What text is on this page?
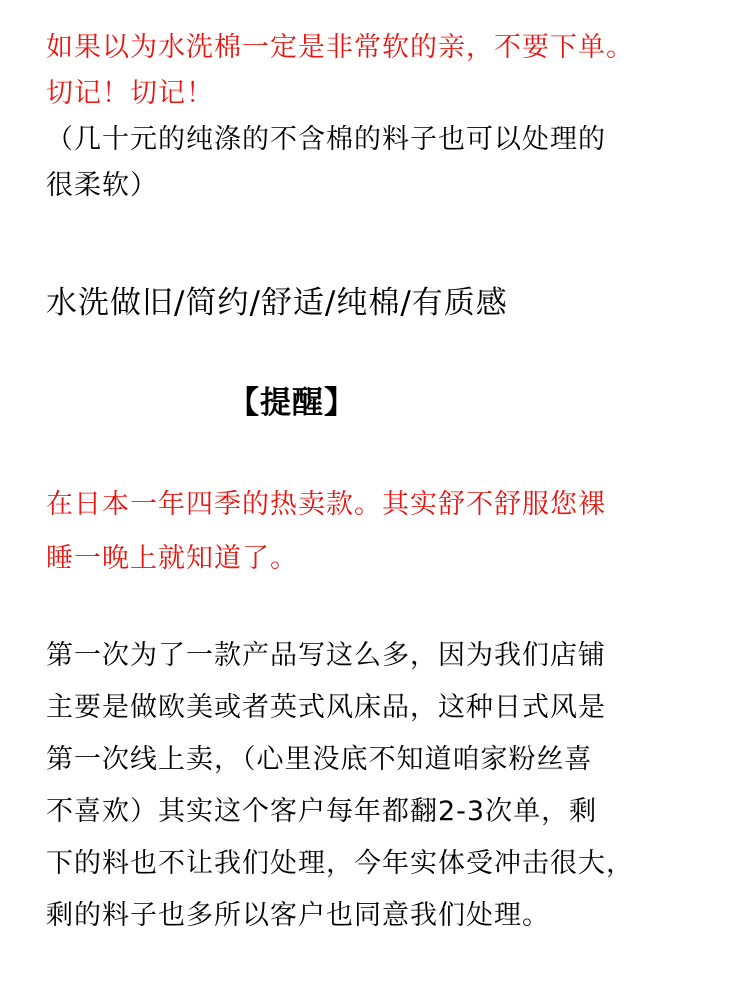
如果以为水洗棉一定是非常软的亲，不要下单。
切记！切记！
（几十元的纯涤的不含棉的料子也可以处理的
很柔软）
水洗做旧/简约/舒适/纯棉/有质感
【提醒】
在日本一年四季的热卖款。其实舒不舒服您裸
睡一晚上就知道了。
第一次为了一款产品写这么多，因为我们店铺
主要是做欧美或者英式风床品，这种日式风是
第一次线上卖，（心里没底不知道咱家粉丝喜
不喜欢）其实这个客户每年都翻2-3次单，剩
下的料也不让我们处理，今年实体受冲击很大，
剩的料子也多所以客户也同意我们处理。
